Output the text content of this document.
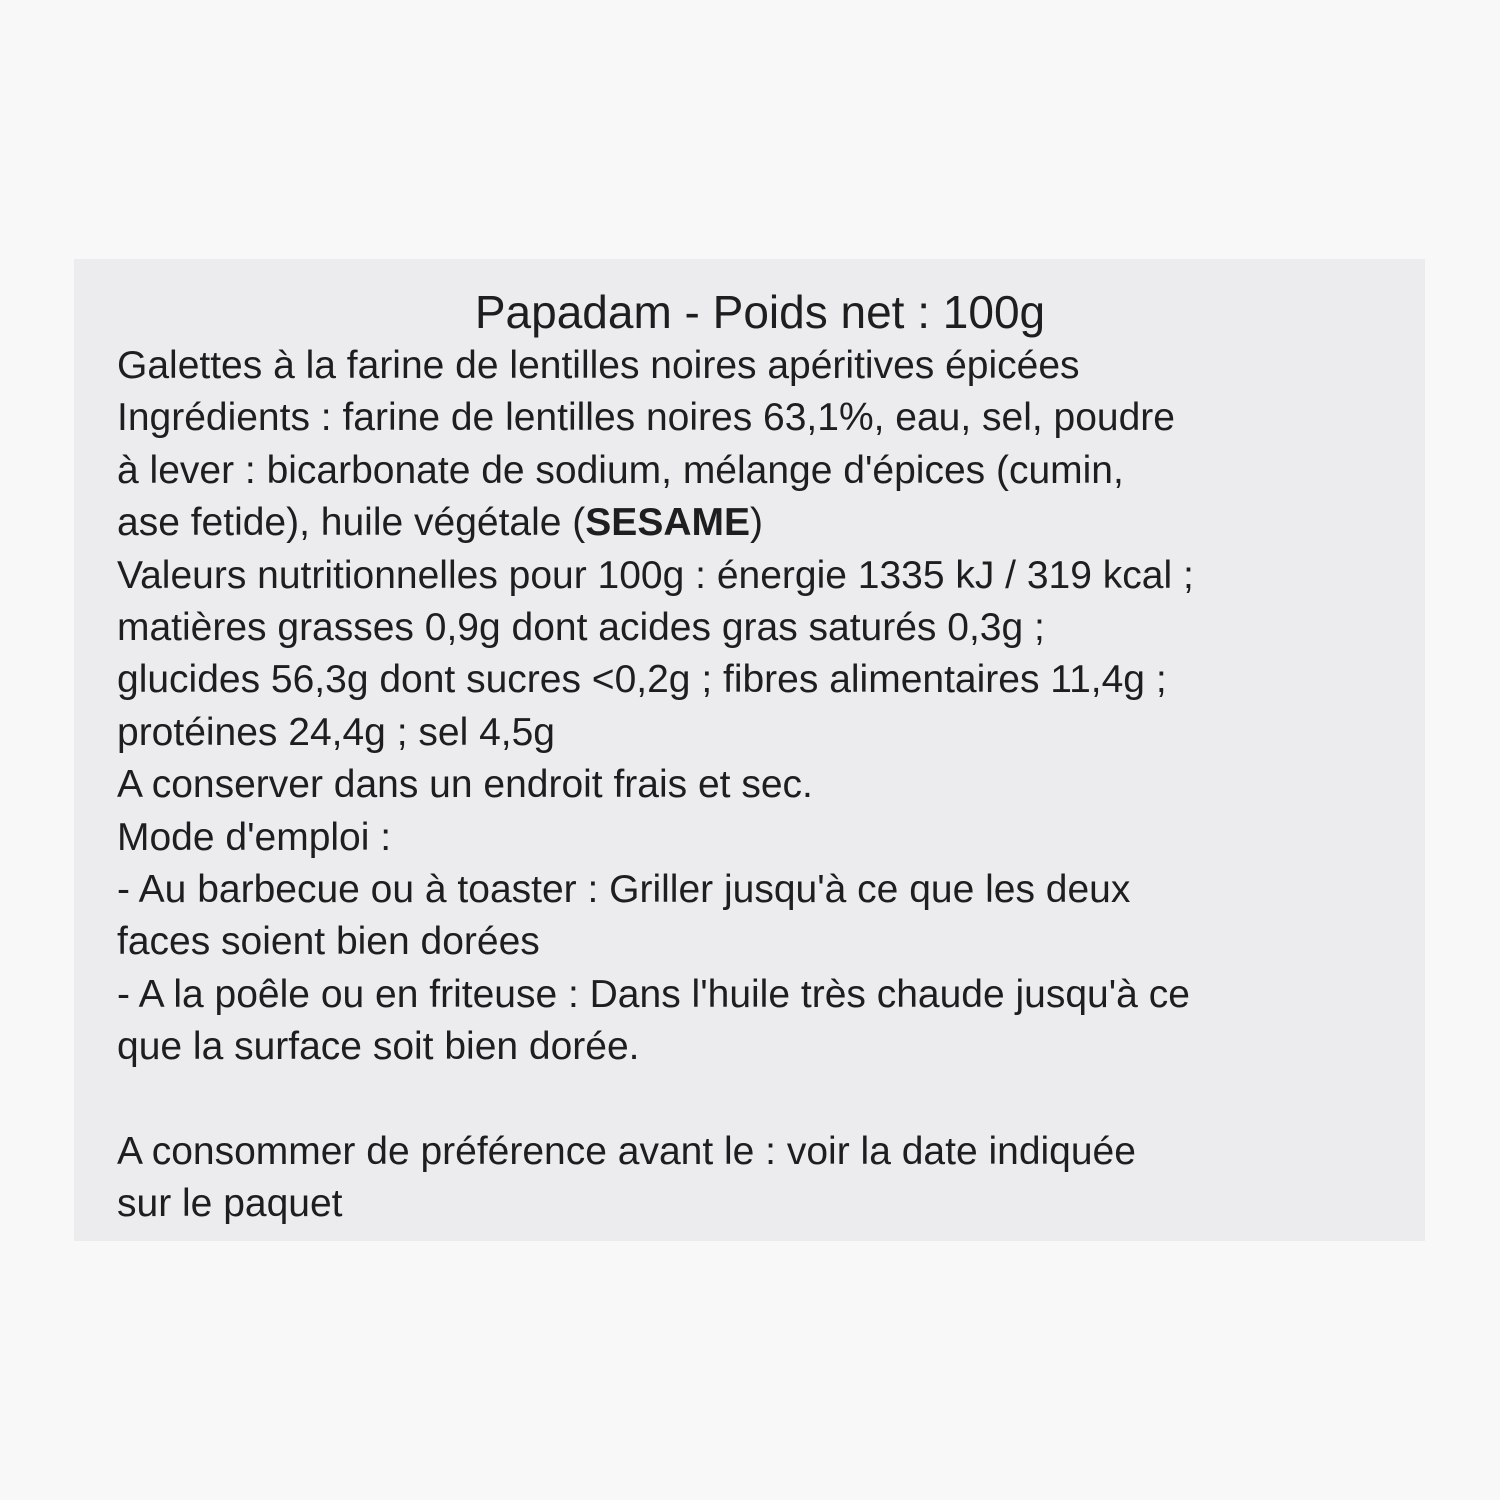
Papadam - Poids net : 100g

Galettes à la farine de lentilles noires apéritives épicées

Ingrédients : farine de lentilles noires 63,1%, eau, sel, poudre

à lever : bicarbonate de sodium, mélange d'épices (cumin,

ase fetide), huile végétale (SESAME)

Valeurs nutritionnelles pour 100g : énergie 1335 kJ / 319 kcal ;

matières grasses 0,9g dont acides gras saturés 0,3g ;

glucides 56,3g dont sucres <0,2g ; fibres alimentaires 11,4g ;

protéines 24,4g ; sel 4,5g

A conserver dans un endroit frais et sec.

Mode d'emploi :

- Au barbecue ou à toaster : Griller jusqu'à ce que les deux

faces soient bien dorées

- A la poêle ou en friteuse : Dans l'huile très chaude jusqu'à ce

que la surface soit bien dorée.

A consommer de préférence avant le : voir la date indiquée

sur le paquet
